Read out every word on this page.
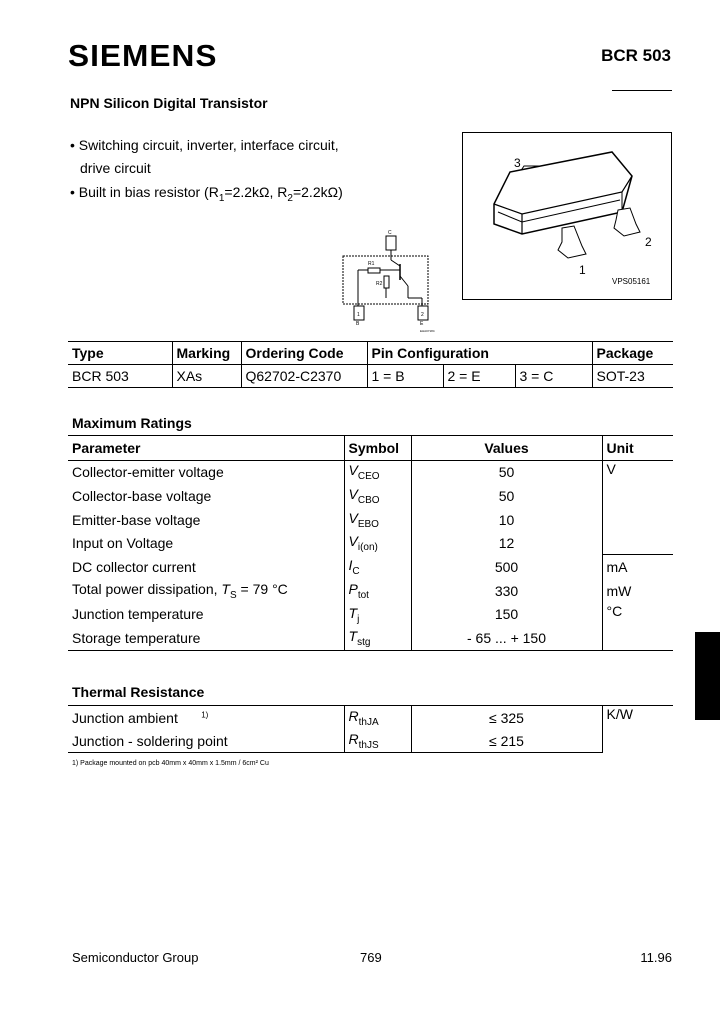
SIEMENS	BCR 503
NPN Silicon Digital Transistor
• Switching circuit, inverter, interface circuit,
drive circuit
• Built in bias resistor ($R_1=2.2k\Omega$, $R_2=2.2k\Omega$)
C
R1
R2
1
B
2
E
EHA07184
3
2
1
VPS05161
Type	Marking	Ordering Code	Pin Configuration			Package
BCR 503	XAs	Q62702-C2370	1 = B	2 = E	3 = C	SOT-23
Maximum Ratings
Parameter	Symbol	Values	Unit
Collector-emitter voltage	$V_{CEO}$	50	V
Collector-base voltage	$V_{CBO}$	50	
Emitter-base voltage	$V_{EBO}$	10	
Input on Voltage	$V_{i(on)}$	12	
DC collector current	$I_C$	500	mA
Total power dissipation, $T_S = 79$ °C	$P_{tot}$	330	mW
Junction temperature	$T_j$	150	°C
Storage temperature	$T_{stg}$	- 65 ... + 150	
Thermal Resistance
Junction ambient $^{1)}$	$R_{thJA}$	≤ 325	K/W
Junction - soldering point	$R_{thJS}$	≤ 215	
1) Package mounted on pcb 40mm x 40mm x 1.5mm / 6cm² Cu
Semiconductor Group	769	11.96
